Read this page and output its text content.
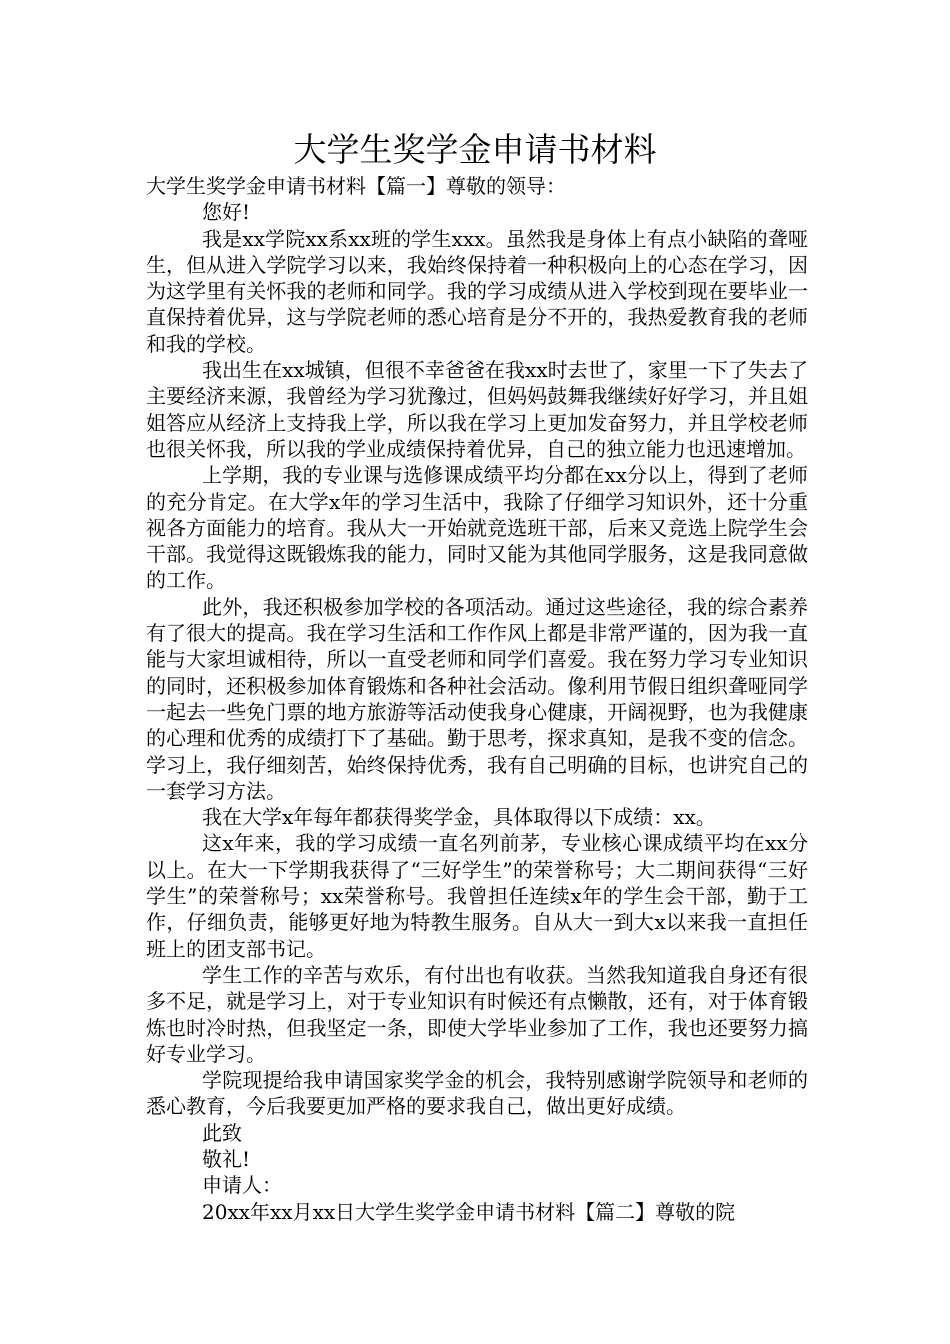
大学生奖学金申请书材料

大学生奖学金申请书材料【篇一】尊敬的领导：

您好!

我是xx学院xx系xx班的学生xxx。虽然我是身体上有点小缺陷的聋哑生，但从进入学院学习以来，我始终保持着一种积极向上的心态在学习，因为这学里有关怀我的老师和同学。我的学习成绩从进入学校到现在要毕业一直保持着优异，这与学院老师的悉心培育是分不开的，我热爱教育我的老师和我的学校。

我出生在xx城镇，但很不幸爸爸在我xx时去世了，家里一下了失去了主要经济来源，我曾经为学习犹豫过，但妈妈鼓舞我继续好好学习，并且姐姐答应从经济上支持我上学，所以我在学习上更加发奋努力，并且学校老师也很关怀我，所以我的学业成绩保持着优异，自己的独立能力也迅速增加。

上学期，我的专业课与选修课成绩平均分都在xx分以上，得到了老师的充分肯定。在大学x年的学习生活中，我除了仔细学习知识外，还十分重视各方面能力的培育。我从大一开始就竞选班干部，后来又竞选上院学生会干部。我觉得这既锻炼我的能力，同时又能为其他同学服务，这是我同意做的工作。

此外，我还积极参加学校的各项活动。通过这些途径，我的综合素养有了很大的提高。我在学习生活和工作作风上都是非常严谨的，因为我一直能与大家坦诚相待，所以一直受老师和同学们喜爱。我在努力学习专业知识的同时，还积极参加体育锻炼和各种社会活动。像利用节假日组织聋哑同学一起去一些免门票的地方旅游等活动使我身心健康，开阔视野，也为我健康的心理和优秀的成绩打下了基础。勤于思考，探求真知，是我不变的信念。学习上，我仔细刻苦，始终保持优秀，我有自己明确的目标，也讲究自己的一套学习方法。

我在大学x年每年都获得奖学金，具体取得以下成绩：xx。

这x年来，我的学习成绩一直名列前茅，专业核心课成绩平均在xx分以上。在大一下学期我获得了“三好学生”的荣誉称号；大二期间获得“三好学生”的荣誉称号；xx荣誉称号。我曾担任连续x年的学生会干部，勤于工作，仔细负责，能够更好地为特教生服务。自从大一到大x以来我一直担任班上的团支部书记。

学生工作的辛苦与欢乐，有付出也有收获。当然我知道我自身还有很多不足，就是学习上，对于专业知识有时候还有点懒散，还有，对于体育锻炼也时冷时热，但我坚定一条，即使大学毕业参加了工作，我也还要努力搞好专业学习。

学院现提给我申请国家奖学金的机会，我特别感谢学院领导和老师的悉心教育，今后我要更加严格的要求我自己，做出更好成绩。

此致

敬礼!

申请人：

20xx年xx月xx日大学生奖学金申请书材料【篇二】尊敬的院
